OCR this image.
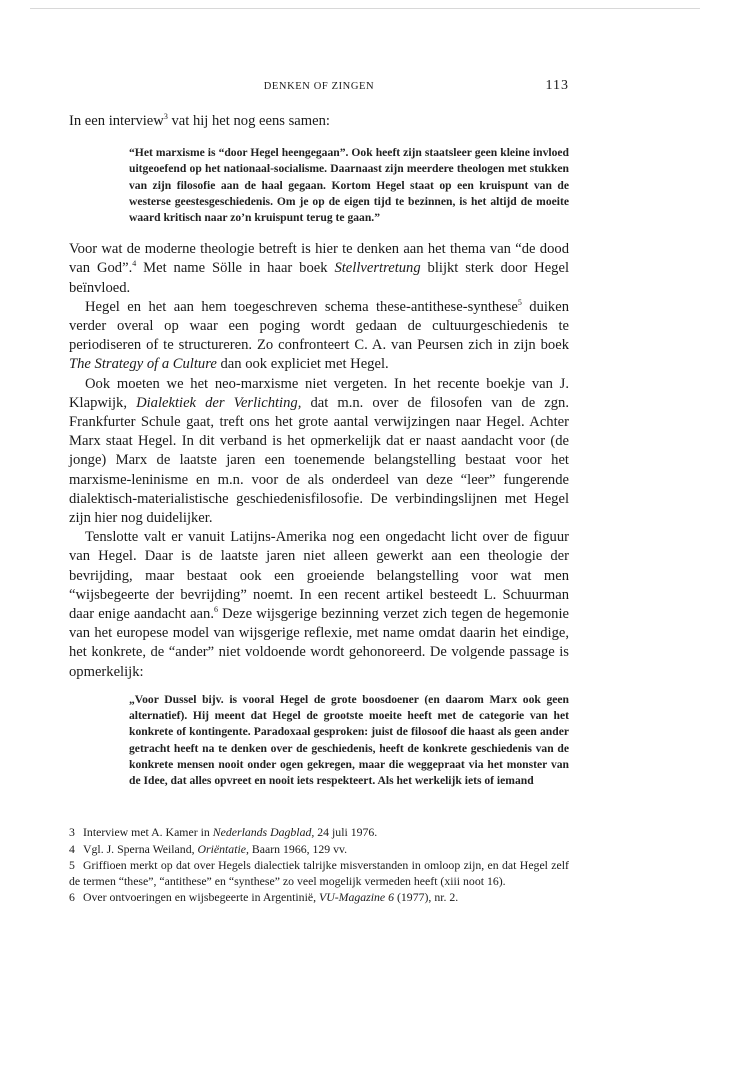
DENKEN OF ZINGEN	113

In een interview$^3$ vat hij het nog eens samen:

“Het marxisme is “door Hegel heengegaan”. Ook heeft zijn staatsleer geen kleine invloed uitgeoefend op het nationaal-socialisme. Daarnaast zijn meerdere theologen met stukken van zijn filosofie aan de haal gegaan. Kortom Hegel staat op een kruispunt van de westerse geestesgeschiedenis. Om je op de eigen tijd te bezinnen, is het altijd de moeite waard kritisch naar zo’n kruispunt terug te gaan.”

Voor wat de moderne theologie betreft is hier te denken aan het thema van “de dood van God”.$^4$ Met name Sölle in haar boek Stellvertretung blijkt sterk door Hegel beïnvloed.

Hegel en het aan hem toegeschreven schema these-antithese-synthese$^5$ duiken verder overal op waar een poging wordt gedaan de cultuurgeschiedenis te periodiseren of te structureren. Zo confronteert C. A. van Peursen zich in zijn boek The Strategy of a Culture dan ook expliciet met Hegel.

Ook moeten we het neo-marxisme niet vergeten. In het recente boekje van J. Klapwijk, Dialektiek der Verlichting, dat m.n. over de filosofen van de zgn. Frankfurter Schule gaat, treft ons het grote aantal verwijzingen naar Hegel. Achter Marx staat Hegel. In dit verband is het opmerkelijk dat er naast aandacht voor (de jonge) Marx de laatste jaren een toenemende belangstelling bestaat voor het marxisme-leninisme en m.n. voor de als onderdeel van deze “leer” fungerende dialektisch-materialistische geschiedenisfilosofie. De verbindingslijnen met Hegel zijn hier nog duidelijker.

Tenslotte valt er vanuit Latijns-Amerika nog een ongedacht licht over de figuur van Hegel. Daar is de laatste jaren niet alleen gewerkt aan een theologie der bevrijding, maar bestaat ook een groeiende belangstelling voor wat men “wijsbegeerte der bevrijding” noemt. In een recent artikel besteedt L. Schuurman daar enige aandacht aan.$^6$ Deze wijsgerige bezinning verzet zich tegen de hegemonie van het europese model van wijsgerige reflexie, met name omdat daarin het eindige, het konkrete, de “ander” niet voldoende wordt gehonoreerd. De volgende passage is opmerkelijk:

„Voor Dussel bijv. is vooral Hegel de grote boosdoener (en daarom Marx ook geen alternatief). Hij meent dat Hegel de grootste moeite heeft met de categorie van het konkrete of kontingente. Paradoxaal gesproken: juist de filosoof die haast als geen ander getracht heeft na te denken over de geschiedenis, heeft de konkrete geschiedenis van de konkrete mensen nooit onder ogen gekregen, maar die weggepraat via het monster van de Idee, dat alles opvreet en nooit iets respekteert. Als het werkelijk iets of iemand

3 Interview met A. Kamer in Nederlands Dagblad, 24 juli 1976.

4 Vgl. J. Sperna Weiland, Oriëntatie, Baarn 1966, 129 vv.

5 Griffioen merkt op dat over Hegels dialectiek talrijke misverstanden in omloop zijn, en dat Hegel zelf de termen “these”, “antithese” en “synthese” zo veel mogelijk vermeden heeft (xiii noot 16).

6 Over ontvoeringen en wijsbegeerte in Argentinië, VU-Magazine 6 (1977), nr. 2.
